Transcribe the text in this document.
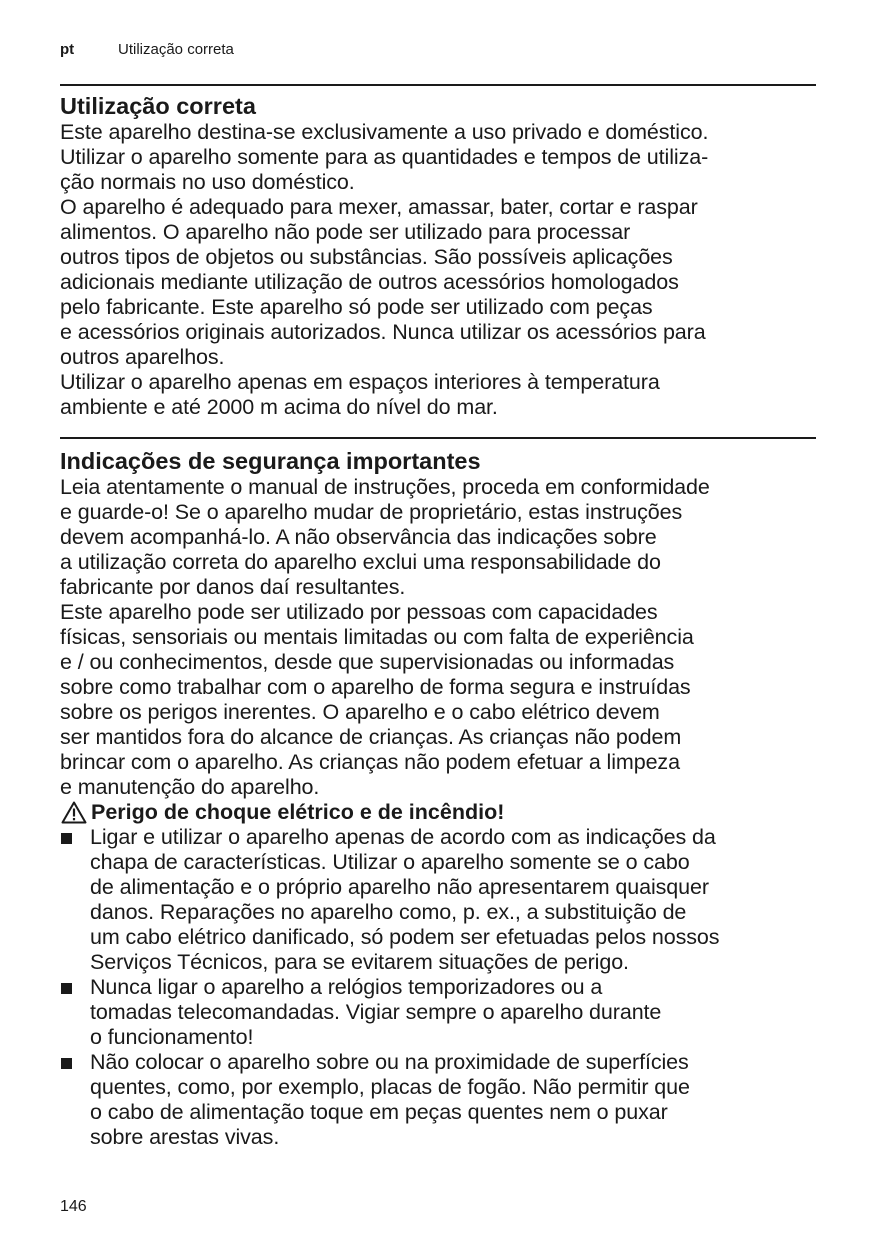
pt	Utilização correta
Utilização correta
Este aparelho destina-se exclusivamente a uso privado e doméstico.
Utilizar o aparelho somente para as quantidades e tempos de utiliza-
ção normais no uso doméstico.
O aparelho é adequado para mexer, amassar, bater, cortar e raspar
alimentos. O aparelho não pode ser utilizado para processar
outros tipos de objetos ou substâncias. São possíveis aplicações
adicionais mediante utilização de outros acessórios homologados
pelo fabricante. Este aparelho só pode ser utilizado com peças
e acessórios originais autorizados. Nunca utilizar os acessórios para
outros aparelhos.
Utilizar o aparelho apenas em espaços interiores à temperatura
ambiente e até 2000 m acima do nível do mar.
Indicações de segurança importantes
Leia atentamente o manual de instruções, proceda em conformidade
e guarde-o! Se o aparelho mudar de proprietário, estas instruções
devem acompanhá-lo. A não observância das indicações sobre
a utilização correta do aparelho exclui uma responsabilidade do
fabricante por danos daí resultantes.
Este aparelho pode ser utilizado por pessoas com capacidades
físicas, sensoriais ou mentais limitadas ou com falta de experiência
e / ou conhecimentos, desde que supervisionadas ou informadas
sobre como trabalhar com o aparelho de forma segura e instruídas
sobre os perigos inerentes. O aparelho e o cabo elétrico devem
ser mantidos fora do alcance de crianças. As crianças não podem
brincar com o aparelho. As crianças não podem efetuar a limpeza
e manutenção do aparelho.
Perigo de choque elétrico e de incêndio!
Ligar e utilizar o aparelho apenas de acordo com as indicações da
chapa de características. Utilizar o aparelho somente se o cabo
de alimentação e o próprio aparelho não apresentarem quaisquer
danos. Reparações no aparelho como, p. ex., a substituição de
um cabo elétrico danificado, só podem ser efetuadas pelos nossos
Serviços Técnicos, para se evitarem situações de perigo.
Nunca ligar o aparelho a relógios temporizadores ou a
tomadas telecomandadas. Vigiar sempre o aparelho durante
o funcionamento!
Não colocar o aparelho sobre ou na proximidade de superfícies
quentes, como, por exemplo, placas de fogão. Não permitir que
o cabo de alimentação toque em peças quentes nem o puxar
sobre arestas vivas.
146
